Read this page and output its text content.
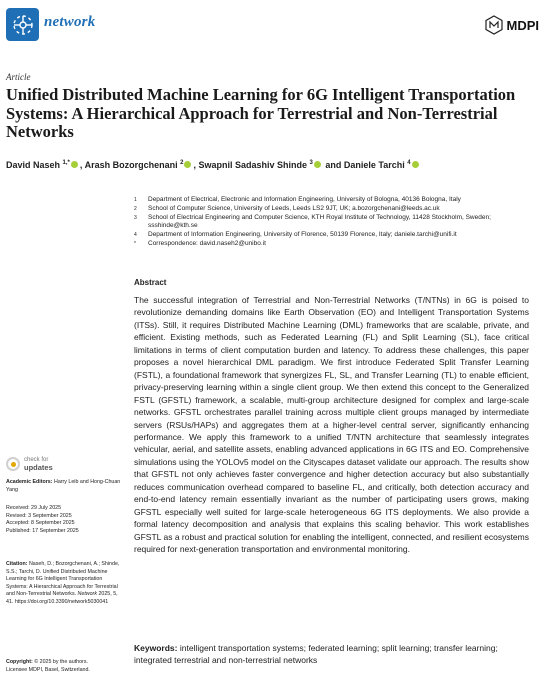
network	MDPI
Article
Unified Distributed Machine Learning for 6G Intelligent Transportation Systems: A Hierarchical Approach for Terrestrial and Non-Terrestrial Networks
David Naseh $^{1,*}$ , Arash Bozorgchenani $^2$ , Swapnil Sadashiv Shinde $^3$ and Daniele Tarchi $^4$
1	Department of Electrical, Electronic and Information Engineering, University of Bologna, 40136 Bologna, Italy
2	School of Computer Science, University of Leeds, Leeds LS2 9JT, UK; a.bozorgchenani@leeds.ac.uk
3	School of Electrical Engineering and Computer Science, KTH Royal Institute of Technology, 11428 Stockholm, Sweden; ssshinde@kth.se
4	Department of Information Engineering, University of Florence, 50139 Florence, Italy; daniele.tarchi@unifi.it
*	Correspondence: david.naseh2@unibo.it
Abstract
The successful integration of Terrestrial and Non-Terrestrial Networks (T/NTNs) in 6G is poised to revolutionize demanding domains like Earth Observation (EO) and Intelligent Transportation Systems (ITSs). Still, it requires Distributed Machine Learning (DML) frameworks that are scalable, private, and efficient. Existing methods, such as Federated Learning (FL) and Split Learning (SL), face critical limitations in terms of client computation burden and latency. To address these challenges, this paper proposes a novel hierarchical DML paradigm. We first introduce Federated Split Transfer Learning (FSTL), a foundational framework that synergizes FL, SL, and Transfer Learning (TL) to enable efficient, privacy-preserving learning within a single client group. We then extend this concept to the Generalized FSTL (GFSTL) framework, a scalable, multi-group architecture designed for complex and large-scale networks. GFSTL orchestrates parallel training across multiple client groups managed by intermediate servers (RSUs/HAPs) and aggregates them at a higher-level central server, significantly enhancing performance. We apply this framework to a unified T/NTN architecture that seamlessly integrates vehicular, aerial, and satellite assets, enabling advanced applications in 6G ITS and EO. Comprehensive simulations using the YOLOv5 model on the Cityscapes dataset validate our approach. The results show that GFSTL not only achieves faster convergence and higher detection accuracy but also substantially reduces communication overhead compared to baseline FL, and critically, both detection accuracy and end-to-end latency remain essentially invariant as the number of participating users grows, making GFSTL especially well suited for large-scale heterogeneous 6G ITS deployments. We also provide a formal latency decomposition and analysis that explains this scaling behavior. This work establishes GFSTL as a robust and practical solution for enabling the intelligent, connected, and resilient ecosystems required for next-generation transportation and environmental monitoring.
Keywords: intelligent transportation systems; federated learning; split learning; transfer learning; integrated terrestrial and non-terrestrial networks
check for
updates
Academic Editors: Harry Leib and Hong-Chuan Yang
Received: 29 July 2025
Revised: 3 September 2025
Accepted: 8 September 2025
Published: 17 September 2025
Citation: Naseh, D.; Bozorgchenani, A.; Shinde, S.S.; Tarchi, D. Unified Distributed Machine Learning for 6G Intelligent Transportation Systems: A Hierarchical Approach for Terrestrial and Non-Terrestrial Networks. Network 2025, 5, 41. https://doi.org/10.3390/network5030041
Copyright: © 2025 by the authors.
Licensee MDPI, Basel, Switzerland.
